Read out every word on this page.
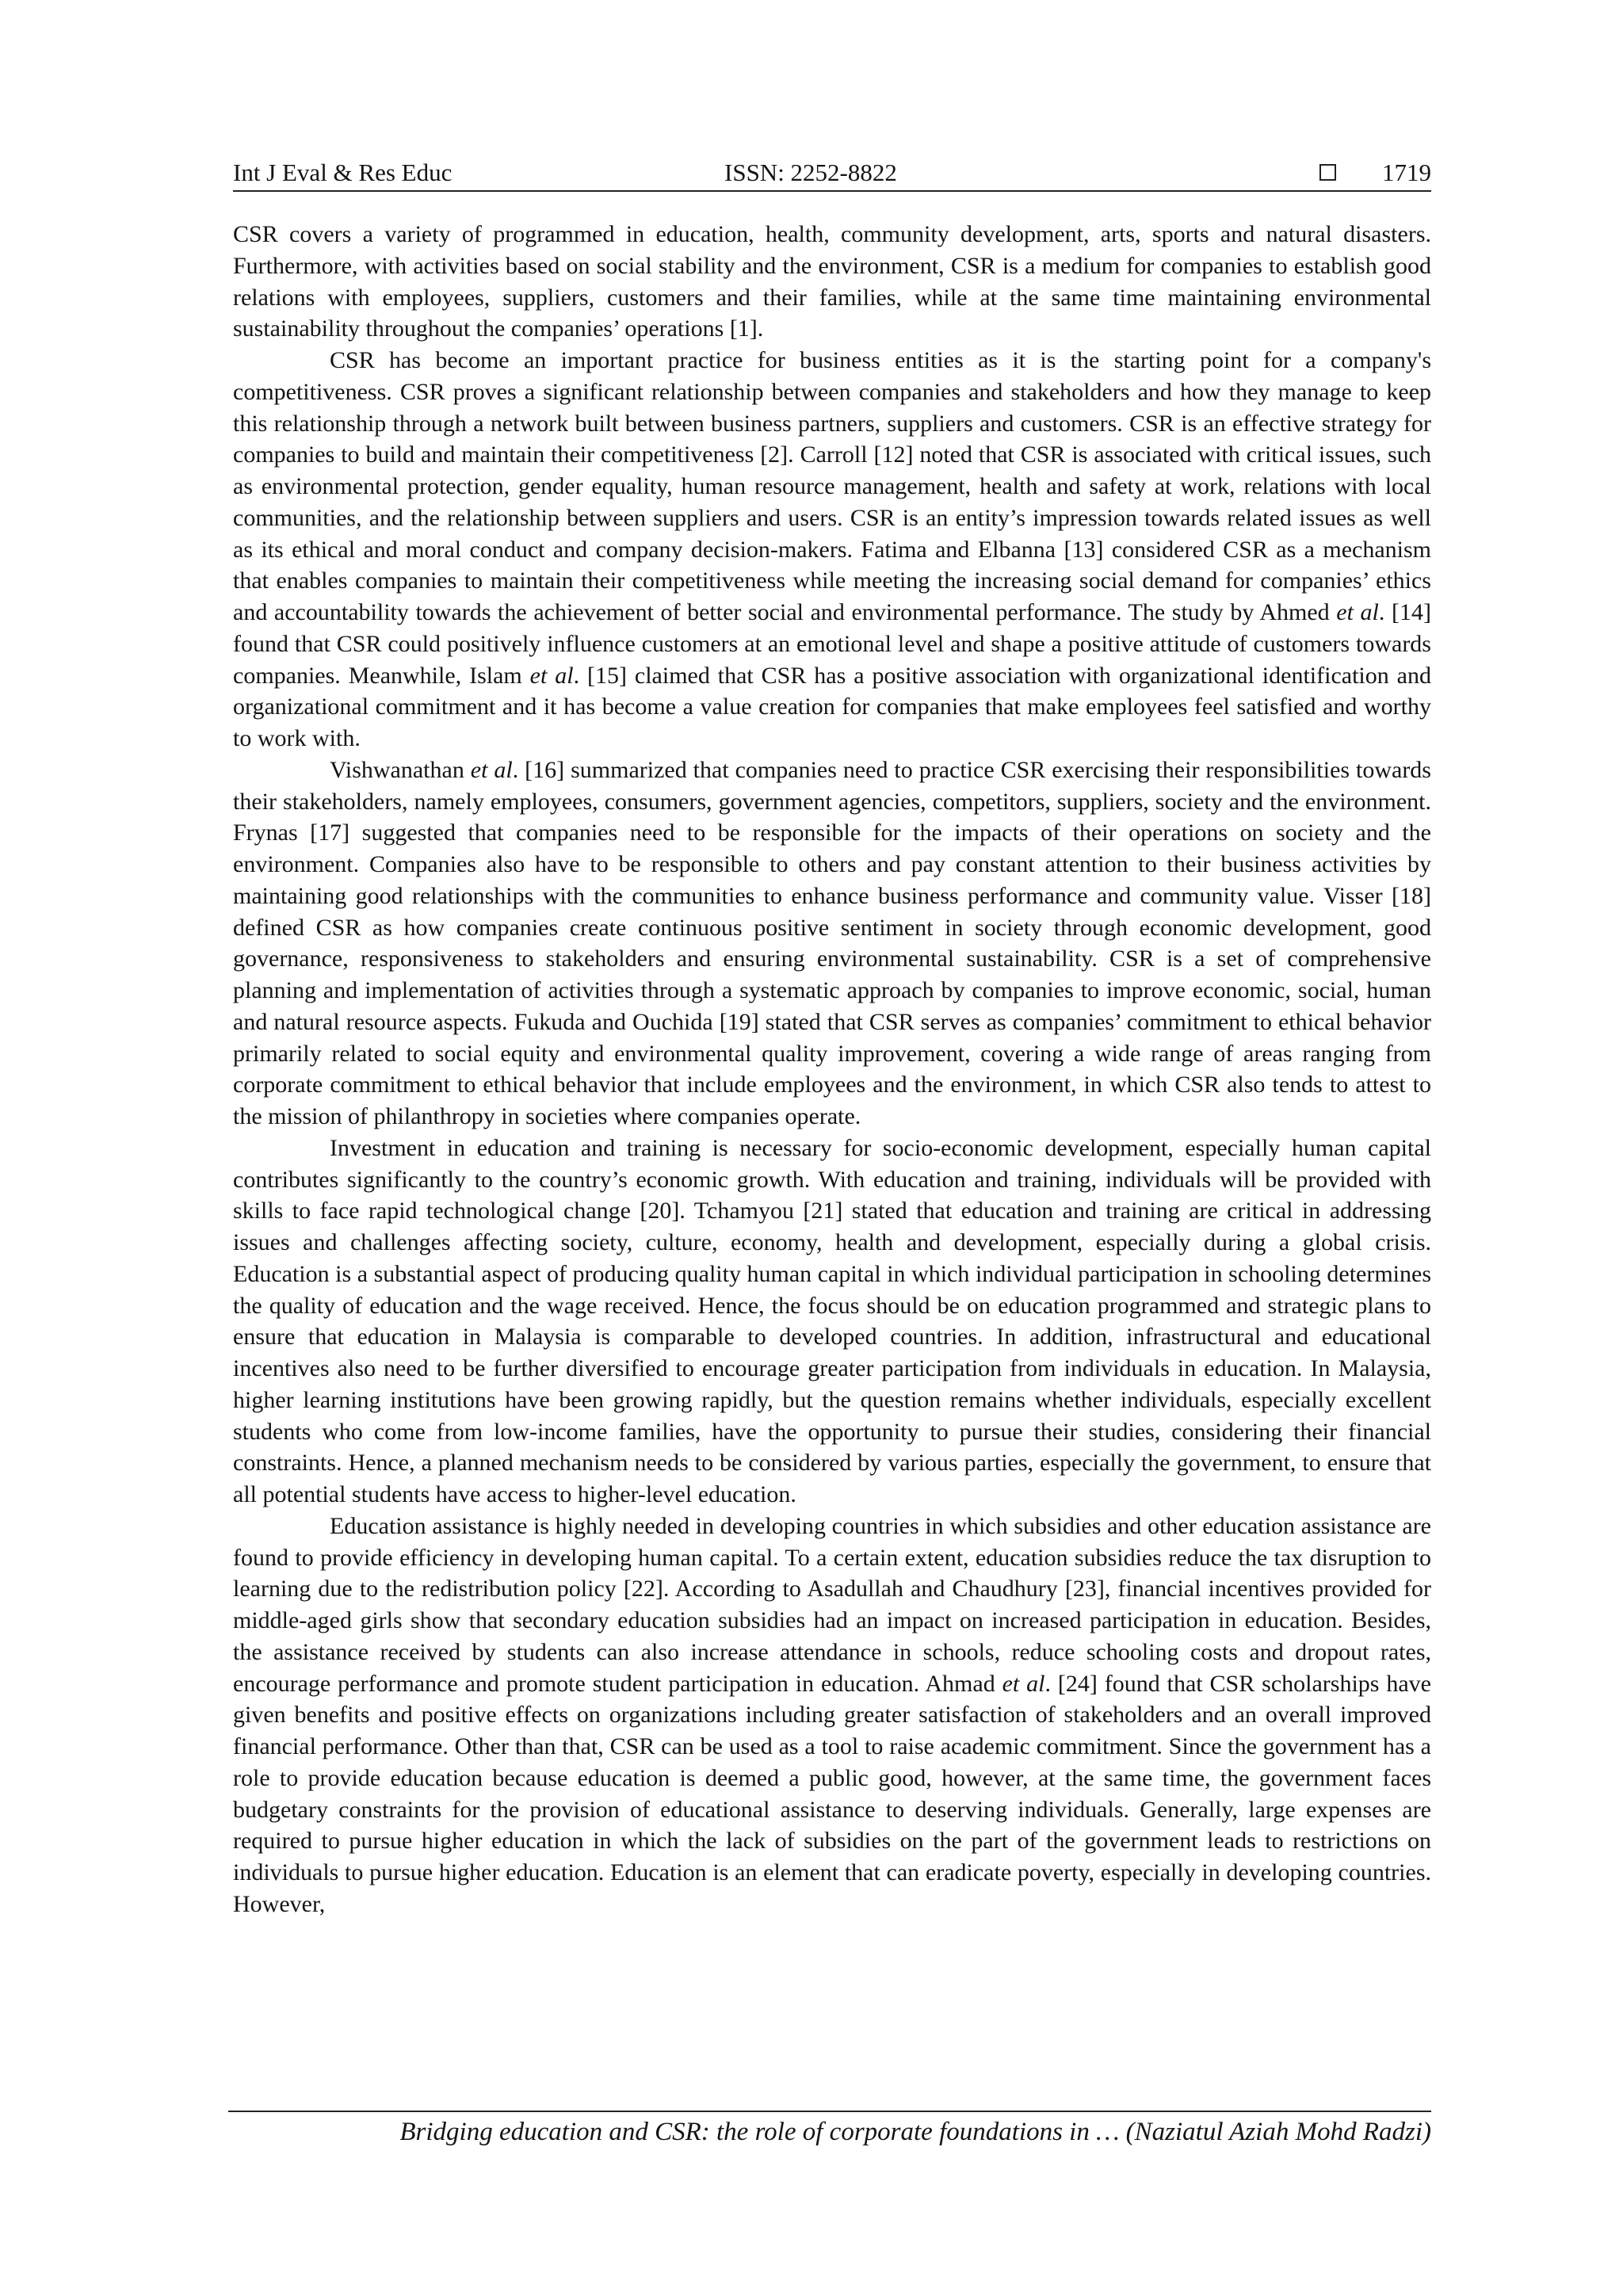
Int J Eval & Res Educ	ISSN: 2252-8822	1719

CSR covers a variety of programmed in education, health, community development, arts, sports and natural disasters. Furthermore, with activities based on social stability and the environment, CSR is a medium for companies to establish good relations with employees, suppliers, customers and their families, while at the same time maintaining environmental sustainability throughout the companies’ operations [1].

CSR has become an important practice for business entities as it is the starting point for a company's competitiveness. CSR proves a significant relationship between companies and stakeholders and how they manage to keep this relationship through a network built between business partners, suppliers and customers. CSR is an effective strategy for companies to build and maintain their competitiveness [2]. Carroll [12] noted that CSR is associated with critical issues, such as environmental protection, gender equality, human resource management, health and safety at work, relations with local communities, and the relationship between suppliers and users. CSR is an entity’s impression towards related issues as well as its ethical and moral conduct and company decision-makers. Fatima and Elbanna [13] considered CSR as a mechanism that enables companies to maintain their competitiveness while meeting the increasing social demand for companies’ ethics and accountability towards the achievement of better social and environmental performance. The study by Ahmed et al. [14] found that CSR could positively influence customers at an emotional level and shape a positive attitude of customers towards companies. Meanwhile, Islam et al. [15] claimed that CSR has a positive association with organizational identification and organizational commitment and it has become a value creation for companies that make employees feel satisfied and worthy to work with.

Vishwanathan et al. [16] summarized that companies need to practice CSR exercising their responsibilities towards their stakeholders, namely employees, consumers, government agencies, competitors, suppliers, society and the environment. Frynas [17] suggested that companies need to be responsible for the impacts of their operations on society and the environment. Companies also have to be responsible to others and pay constant attention to their business activities by maintaining good relationships with the communities to enhance business performance and community value. Visser [18] defined CSR as how companies create continuous positive sentiment in society through economic development, good governance, responsiveness to stakeholders and ensuring environmental sustainability. CSR is a set of comprehensive planning and implementation of activities through a systematic approach by companies to improve economic, social, human and natural resource aspects. Fukuda and Ouchida [19] stated that CSR serves as companies’ commitment to ethical behavior primarily related to social equity and environmental quality improvement, covering a wide range of areas ranging from corporate commitment to ethical behavior that include employees and the environment, in which CSR also tends to attest to the mission of philanthropy in societies where companies operate.

Investment in education and training is necessary for socio-economic development, especially human capital contributes significantly to the country’s economic growth. With education and training, individuals will be provided with skills to face rapid technological change [20]. Tchamyou [21] stated that education and training are critical in addressing issues and challenges affecting society, culture, economy, health and development, especially during a global crisis. Education is a substantial aspect of producing quality human capital in which individual participation in schooling determines the quality of education and the wage received. Hence, the focus should be on education programmed and strategic plans to ensure that education in Malaysia is comparable to developed countries. In addition, infrastructural and educational incentives also need to be further diversified to encourage greater participation from individuals in education. In Malaysia, higher learning institutions have been growing rapidly, but the question remains whether individuals, especially excellent students who come from low-income families, have the opportunity to pursue their studies, considering their financial constraints. Hence, a planned mechanism needs to be considered by various parties, especially the government, to ensure that all potential students have access to higher-level education.

Education assistance is highly needed in developing countries in which subsidies and other education assistance are found to provide efficiency in developing human capital. To a certain extent, education subsidies reduce the tax disruption to learning due to the redistribution policy [22]. According to Asadullah and Chaudhury [23], financial incentives provided for middle-aged girls show that secondary education subsidies had an impact on increased participation in education. Besides, the assistance received by students can also increase attendance in schools, reduce schooling costs and dropout rates, encourage performance and promote student participation in education. Ahmad et al. [24] found that CSR scholarships have given benefits and positive effects on organizations including greater satisfaction of stakeholders and an overall improved financial performance. Other than that, CSR can be used as a tool to raise academic commitment. Since the government has a role to provide education because education is deemed a public good, however, at the same time, the government faces budgetary constraints for the provision of educational assistance to deserving individuals. Generally, large expenses are required to pursue higher education in which the lack of subsidies on the part of the government leads to restrictions on individuals to pursue higher education. Education is an element that can eradicate poverty, especially in developing countries. However,

Bridging education and CSR: the role of corporate foundations in … (Naziatul Aziah Mohd Radzi)
